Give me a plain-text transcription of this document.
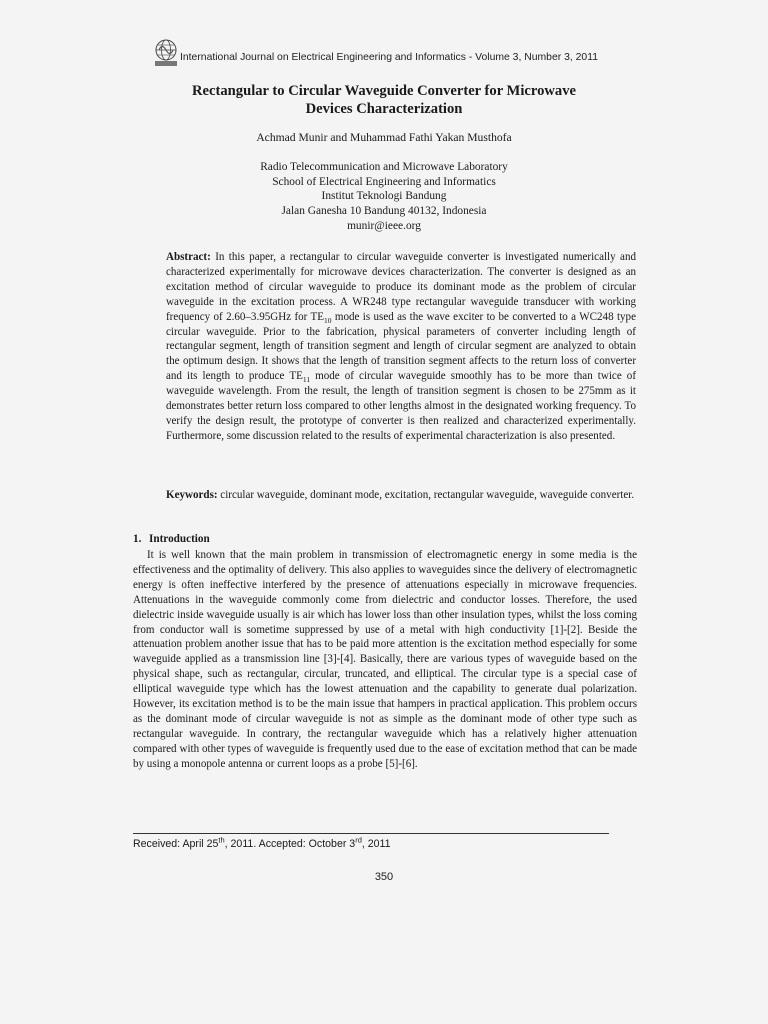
International Journal on Electrical Engineering and Informatics - Volume 3, Number 3, 2011
Rectangular to Circular Waveguide Converter for Microwave
Devices Characterization
Achmad Munir and Muhammad Fathi Yakan Musthofa
Radio Telecommunication and Microwave Laboratory
School of Electrical Engineering and Informatics
Institut Teknologi Bandung
Jalan Ganesha 10 Bandung 40132, Indonesia
munir@ieee.org
Abstract: In this paper, a rectangular to circular waveguide converter is investigated numerically and characterized experimentally for microwave devices characterization. The converter is designed as an excitation method of circular waveguide to produce its dominant mode as the problem of circular waveguide in the excitation process. A WR248 type rectangular waveguide transducer with working frequency of 2.60–3.95GHz for $TE_{10}$ mode is used as the wave exciter to be converted to a WC248 type circular waveguide. Prior to the fabrication, physical parameters of converter including length of rectangular segment, length of transition segment and length of circular segment are analyzed to obtain the optimum design. It shows that the length of transition segment affects to the return loss of converter and its length to produce $TE_{11}$ mode of circular waveguide smoothly has to be more than twice of waveguide wavelength. From the result, the length of transition segment is chosen to be 275mm as it demonstrates better return loss compared to other lengths almost in the designated working frequency. To verify the design result, the prototype of converter is then realized and characterized experimentally. Furthermore, some discussion related to the results of experimental characterization is also presented.
Keywords: circular waveguide, dominant mode, excitation, rectangular waveguide, waveguide converter.
1. Introduction

It is well known that the main problem in transmission of electromagnetic energy in some media is the effectiveness and the optimality of delivery. This also applies to waveguides since the delivery of electromagnetic energy is often ineffective interfered by the presence of attenuations especially in microwave frequencies. Attenuations in the waveguide commonly come from dielectric and conductor losses. Therefore, the used dielectric inside waveguide usually is air which has lower loss than other insulation types, whilst the loss coming from conductor wall is sometime suppressed by use of a metal with high conductivity [1]-[2]. Beside the attenuation problem another issue that has to be paid more attention is the excitation method especially for some waveguide applied as a transmission line [3]-[4]. Basically, there are various types of waveguide based on the physical shape, such as rectangular, circular, truncated, and elliptical. The circular type is a special case of elliptical waveguide type which has the lowest attenuation and the capability to generate dual polarization. However, its excitation method is to be the main issue that hampers in practical application. This problem occurs as the dominant mode of circular waveguide is not as simple as the dominant mode of other type such as rectangular waveguide. In contrary, the rectangular waveguide which has a relatively higher attenuation compared with other types of waveguide is frequently used due to the ease of excitation method that can be made by using a monopole antenna or current loops as a probe [5]-[6].

Received: April 25th, 2011. Accepted: October 3rd, 2011
350
